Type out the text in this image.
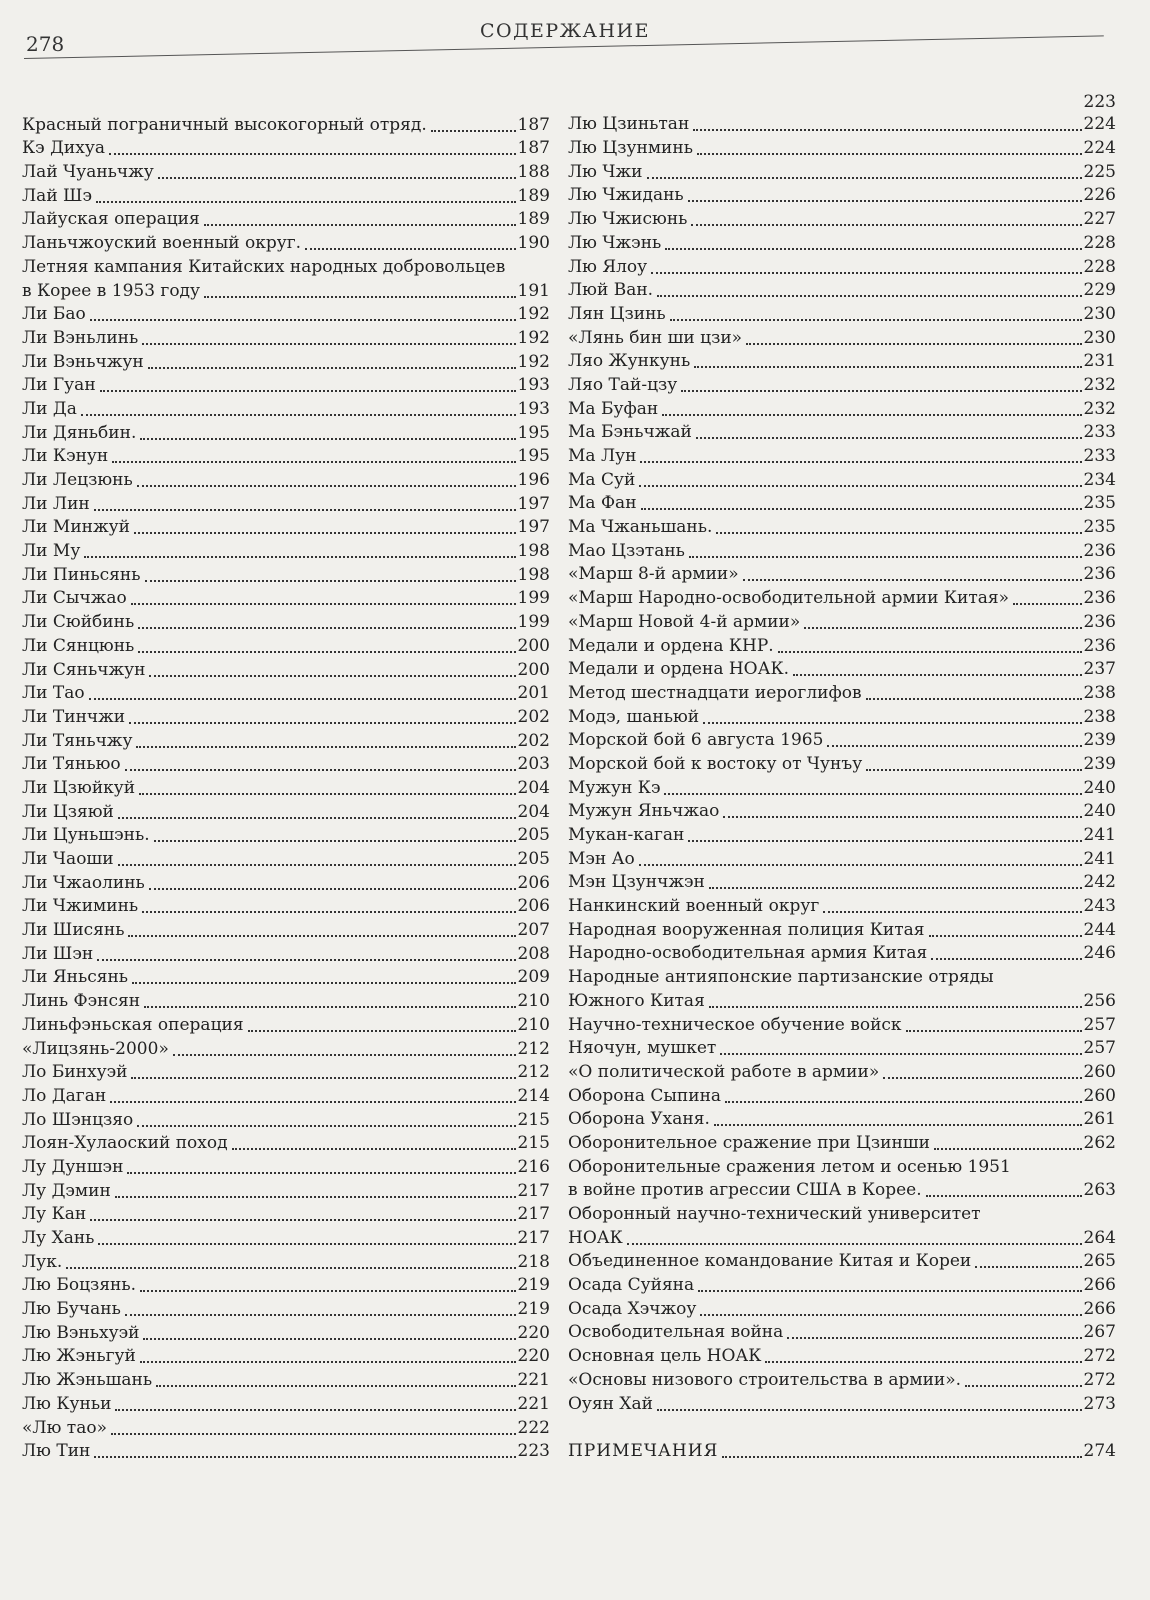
278
СОДЕРЖАНИЕ
Красный пограничный высокогорный отряд.	187
Кэ Дихуа	187
Лай Чуаньчжу	188
Лай Шэ	189
Лайуская операция	189
Ланьчжоуский военный округ.	190
Летняя кампания Китайских народных добровольцев
в Корее в 1953 году	191
Ли Бао	192
Ли Вэньлинь	192
Ли Вэньчжун	192
Ли Гуан	193
Ли Да	193
Ли Дяньбин.	195
Ли Кэнун	195
Ли Лецзюнь	196
Ли Лин	197
Ли Минжуй	197
Ли Му	198
Ли Пиньсянь	198
Ли Сычжао	199
Ли Сюйбинь	199
Ли Сянцюнь	200
Ли Сяньчжун	200
Ли Тао	201
Ли Тинчжи	202
Ли Тяньчжу	202
Ли Тяньюо	203
Ли Цзюйкуй	204
Ли Цзяюй	204
Ли Цуньшэнь.	205
Ли Чаоши	205
Ли Чжаолинь	206
Ли Чжиминь	206
Ли Шисянь	207
Ли Шэн	208
Ли Яньсянь	209
Линь Фэнсян	210
Линьфэньская операция	210
«Лицзянь-2000»	212
Ло Бинхуэй	212
Ло Даган	214
Ло Шэнцзяо	215
Лоян-Хулаоский поход	215
Лу Дуншэн	216
Лу Дэмин	217
Лу Кан	217
Лу Хань	217
Лук.	218
Лю Боцзянь.	219
Лю Бучань	219
Лю Вэньхуэй	220
Лю Жэньгуй	220
Лю Жэньшань	221
Лю Куньи	221
«Лю тао»	222
Лю Тин	223
223
Лю Цзиньтан	224
Лю Цзунминь	224
Лю Чжи	225
Лю Чжидань	226
Лю Чжисюнь	227
Лю Чжэнь	228
Лю Ялоу	228
Люй Ван.	229
Лян Цзинь	230
«Лянь бин ши цзи»	230
Ляо Жункунь	231
Ляо Тай-цзу	232
Ма Буфан	232
Ма Бэньчжай	233
Ма Лун	233
Ма Суй	234
Ма Фан	235
Ма Чжаньшань.	235
Мао Цзэтань	236
«Марш 8-й армии»	236
«Марш Народно-освободительной армии Китая»	236
«Марш Новой 4-й армии»	236
Медали и ордена КНР.	236
Медали и ордена НОАК.	237
Метод шестнадцати иероглифов	238
Модэ, шаньюй	238
Морской бой 6 августа 1965	239
Морской бой к востоку от Чунъу	239
Мужун Кэ	240
Мужун Яньчжао	240
Мукан-каган	241
Мэн Ао	241
Мэн Цзунчжэн	242
Нанкинский военный округ	243
Народная вооруженная полиция Китая	244
Народно-освободительная армия Китая	246
Народные антияпонские партизанские отряды
Южного Китая	256
Научно-техническое обучение войск	257
Няочун, мушкет	257
«О политической работе в армии»	260
Оборона Сыпина	260
Оборона Уханя.	261
Оборонительное сражение при Цзинши	262
Оборонительные сражения летом и осенью 1951
в войне против агрессии США в Корее.	263
Оборонный научно-технический университет
НОАК	264
Объединенное командование Китая и Кореи	265
Осада Суйяна	266
Осада Хэчжоу	266
Освободительная война	267
Основная цель НОАК	272
«Основы низового строительства в армии».	272
Оуян Хай	273
ПРИМЕЧАНИЯ	274
